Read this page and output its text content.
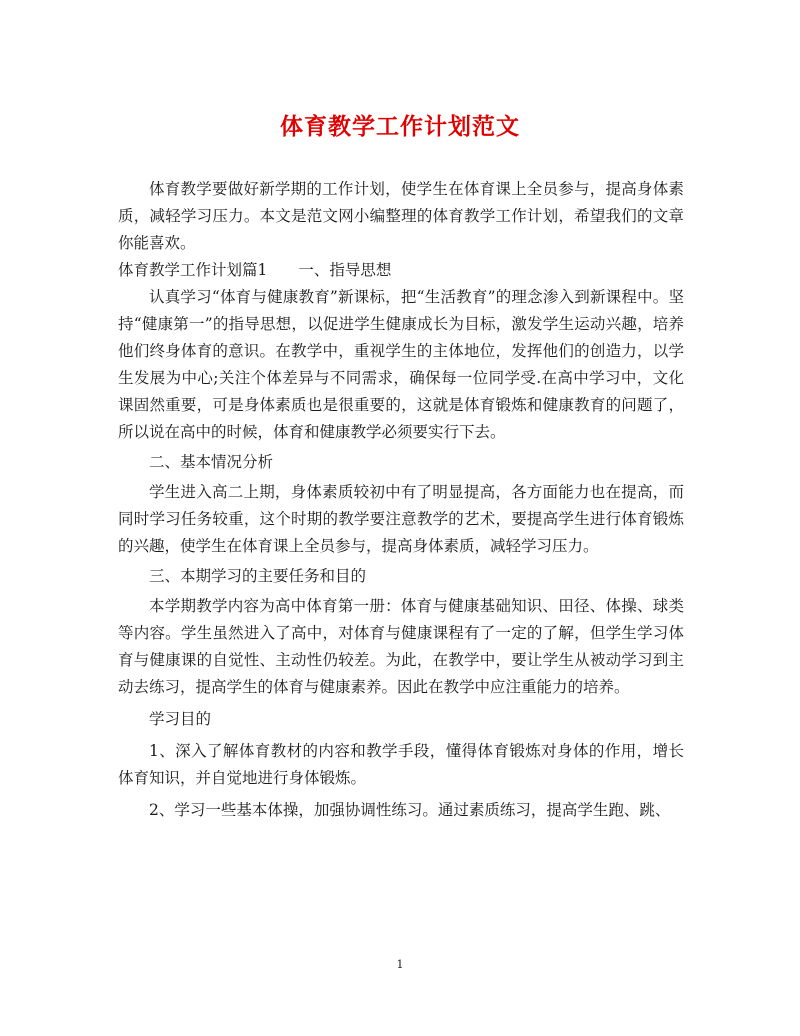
体育教学工作计划范文

体育教学要做好新学期的工作计划，使学生在体育课上全员参与，提高身体素质，减轻学习压力。本文是范文网小编整理的体育教学工作计划，希望我们的文章你能喜欢。

体育教学工作计划篇1　　一、指导思想

认真学习“体育与健康教育”新课标，把“生活教育”的理念渗入到新课程中。坚持“健康第一”的指导思想，以促进学生健康成长为目标，激发学生运动兴趣，培养他们终身体育的意识。在教学中，重视学生的主体地位，发挥他们的创造力，以学生发展为中心;关注个体差异与不同需求，确保每一位同学受.在高中学习中，文化课固然重要，可是身体素质也是很重要的，这就是体育锻炼和健康教育的问题了，所以说在高中的时候，体育和健康教学必须要实行下去。

二、基本情况分析

学生进入高二上期，身体素质较初中有了明显提高，各方面能力也在提高，而同时学习任务较重，这个时期的教学要注意教学的艺术，要提高学生进行体育锻炼的兴趣，使学生在体育课上全员参与，提高身体素质，减轻学习压力。

三、本期学习的主要任务和目的

本学期教学内容为高中体育第一册：体育与健康基础知识、田径、体操、球类等内容。学生虽然进入了高中，对体育与健康课程有了一定的了解，但学生学习体育与健康课的自觉性、主动性仍较差。为此，在教学中，要让学生从被动学习到主动去练习，提高学生的体育与健康素养。因此在教学中应注重能力的培养。

学习目的

1、深入了解体育教材的内容和教学手段，懂得体育锻炼对身体的作用，增长体育知识，并自觉地进行身体锻炼。

2、学习一些基本体操，加强协调性练习。通过素质练习，提高学生跑、跳、

1
